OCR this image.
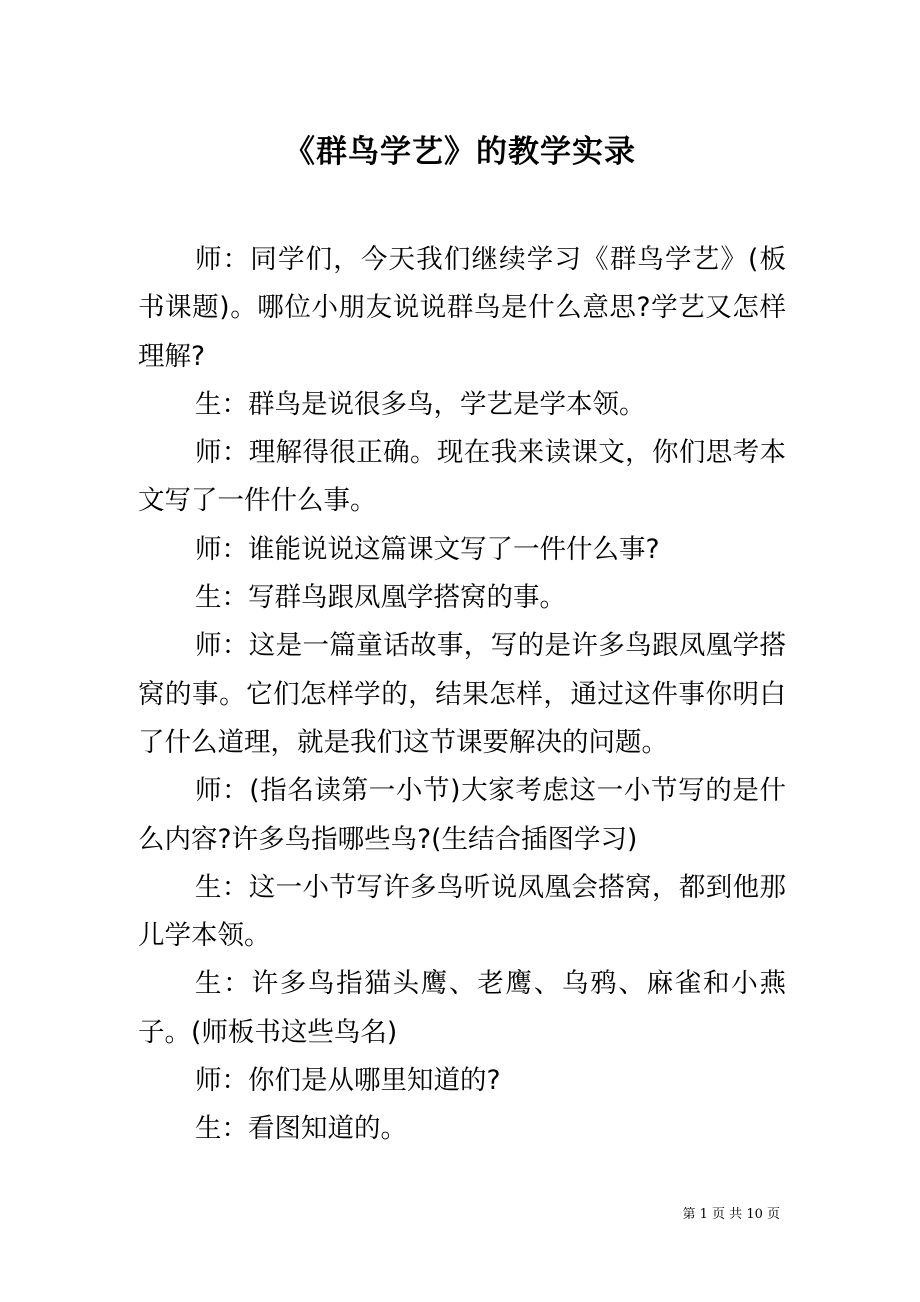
《群鸟学艺》的教学实录

师：同学们，今天我们继续学习《群鸟学艺》(板书课题)。哪位小朋友说说群鸟是什么意思?学艺又怎样理解?

生：群鸟是说很多鸟，学艺是学本领。

师：理解得很正确。现在我来读课文，你们思考本文写了一件什么事。

师：谁能说说这篇课文写了一件什么事?

生：写群鸟跟凤凰学搭窝的事。

师：这是一篇童话故事，写的是许多鸟跟凤凰学搭窝的事。它们怎样学的，结果怎样，通过这件事你明白了什么道理，就是我们这节课要解决的问题。

师：(指名读第一小节)大家考虑这一小节写的是什么内容?许多鸟指哪些鸟?(生结合插图学习)

生：这一小节写许多鸟听说凤凰会搭窝，都到他那儿学本领。

生：许多鸟指猫头鹰、老鹰、乌鸦、麻雀和小燕子。(师板书这些鸟名)

师：你们是从哪里知道的?

生：看图知道的。

第 1 页 共 10 页
